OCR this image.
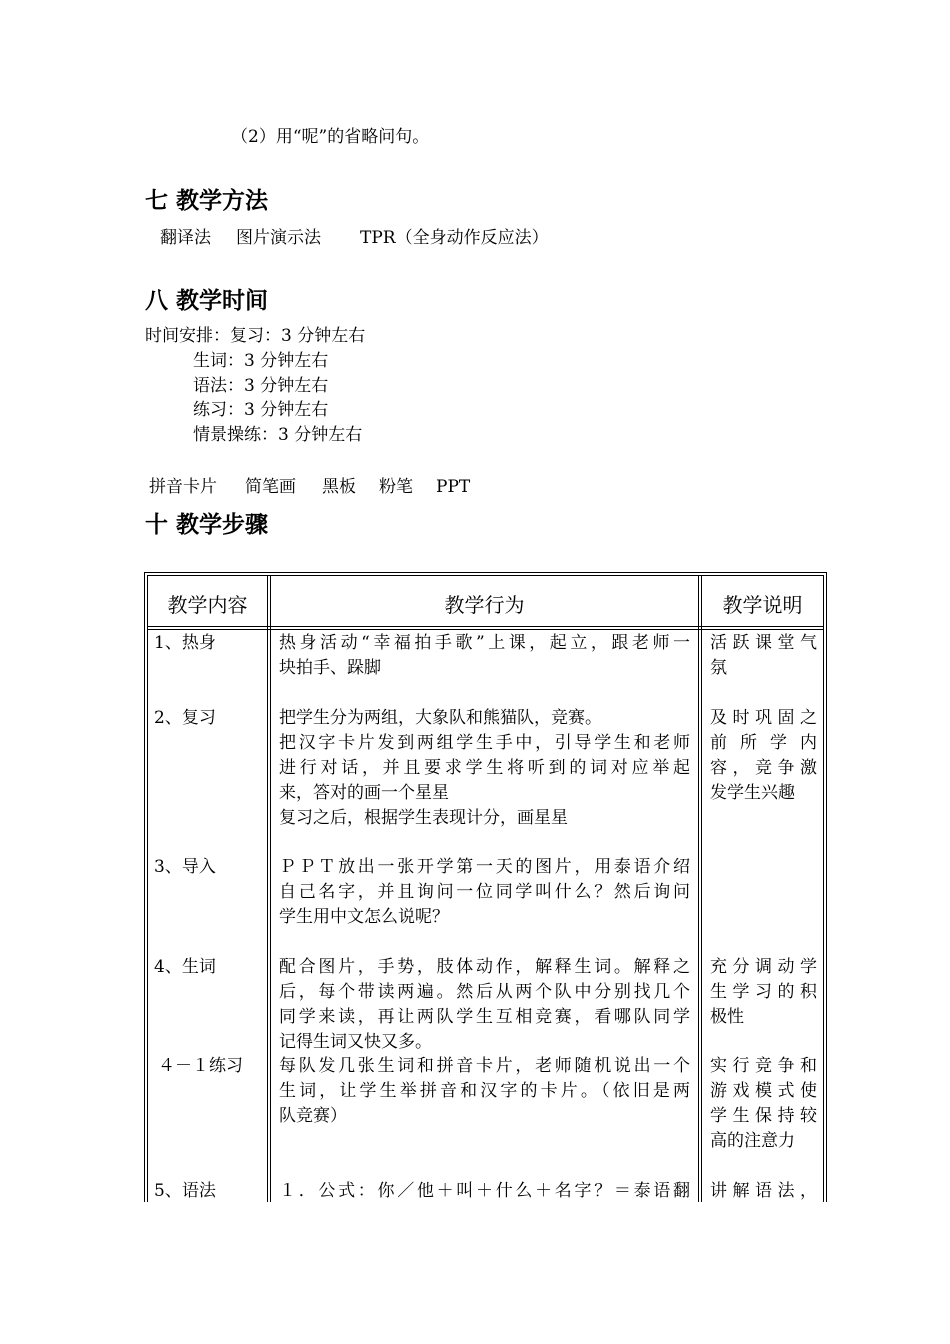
（2）用“呢”的省略问句。
七 教学方法
翻译法 图片演示法 TPR（全身动作反应法）
八 教学时间
时间安排：复习：3 分钟左右
生词：3 分钟左右
语法：3 分钟左右
练习：3 分钟左右
情景操练：3 分钟左右
拼音卡片 简笔画 黑板 粉笔 PPT
十 教学步骤
教学内容	教学行为	教学说明
1、热身
2、复习
3、导入
4、生词
４－１练习
5、语法
热身活动“幸福拍手歌”上课，起立，跟老师一
块拍手、跺脚
把学生分为两组，大象队和熊猫队，竞赛。
把汉字卡片发到两组学生手中，引导学生和老师
进行对话，并且要求学生将听到的词对应举起
来，答对的画一个星星
复习之后，根据学生表现计分，画星星
ＰＰＴ放出一张开学第一天的图片，用泰语介绍
自己名字，并且询问一位同学叫什么？然后询问
学生用中文怎么说呢？
配合图片，手势，肢体动作，解释生词。解释之
后，每个带读两遍。然后从两个队中分别找几个
同学来读，再让两队学生互相竞赛，看哪队同学
记得生词又快又多。
每队发几张生词和拼音卡片，老师随机说出一个
生词，让学生举拼音和汉字的卡片。（依旧是两
队竞赛）
１．公式：你／他＋叫＋什么＋名字？＝泰语翻
活跃课堂气
氛
及时巩固之
前所学内
容，竞争激
发学生兴趣
充分调动学
生学习的积
极性
实行竞争和
游戏模式使
学生保持较
高的注意力
讲解语法，
